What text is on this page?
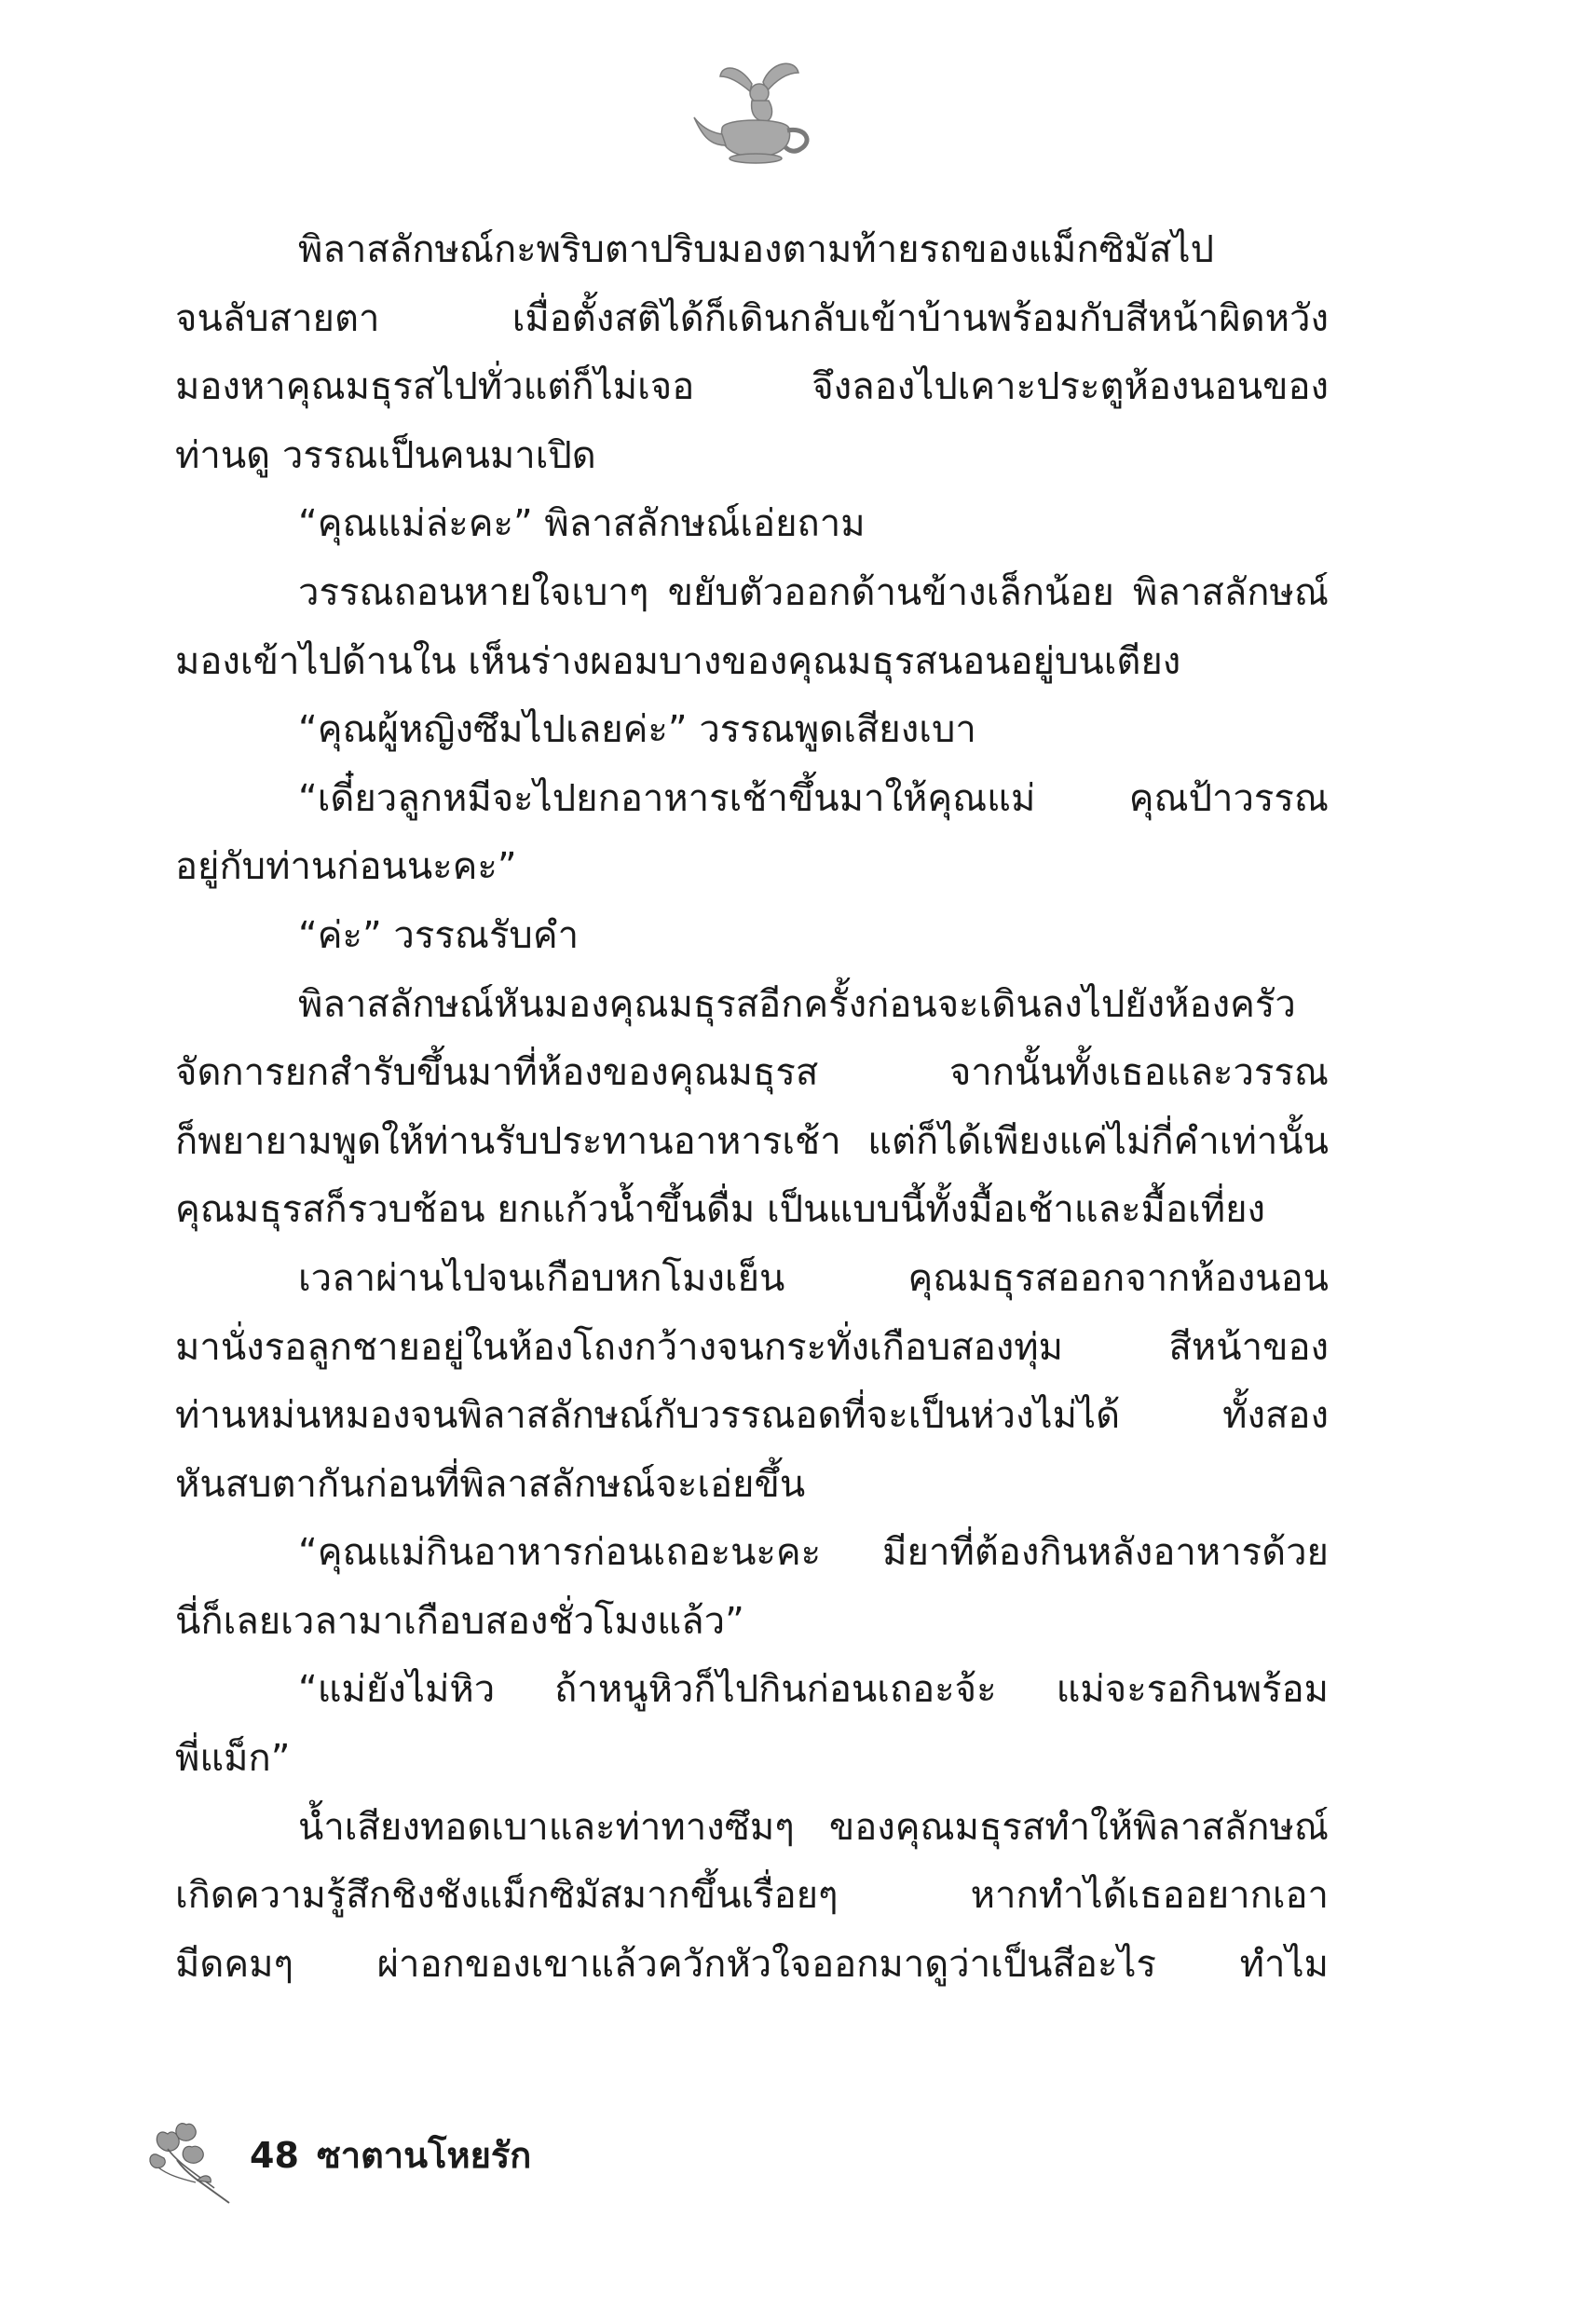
พิลาสลักษณ์กะพริบตาปริบมองตามท้ายรถของแม็กซิมัสไป
จนลับสายตา เมื่อตั้งสติได้ก็เดินกลับเข้าบ้านพร้อมกับสีหน้าผิดหวัง
มองหาคุณมธุรสไปทั่วแต่ก็ไม่เจอ จึงลองไปเคาะประตูห้องนอนของ
ท่านดู วรรณเป็นคนมาเปิด
“คุณแม่ล่ะคะ” พิลาสลักษณ์เอ่ยถาม
วรรณถอนหายใจเบาๆ ขยับตัวออกด้านข้างเล็กน้อย พิลาสลักษณ์
มองเข้าไปด้านใน เห็นร่างผอมบางของคุณมธุรสนอนอยู่บนเตียง
“คุณผู้หญิงซึมไปเลยค่ะ” วรรณพูดเสียงเบา
“เดี๋ยวลูกหมีจะไปยกอาหารเช้าขึ้นมาให้คุณแม่ คุณป้าวรรณ
อยู่กับท่านก่อนนะคะ”
“ค่ะ” วรรณรับคำ
พิลาสลักษณ์หันมองคุณมธุรสอีกครั้งก่อนจะเดินลงไปยังห้องครัว
จัดการยกสำรับขึ้นมาที่ห้องของคุณมธุรส จากนั้นทั้งเธอและวรรณ
ก็พยายามพูดให้ท่านรับประทานอาหารเช้า แต่ก็ได้เพียงแค่ไม่กี่คำเท่านั้น
คุณมธุรสก็รวบช้อน ยกแก้วน้ำขึ้นดื่ม เป็นแบบนี้ทั้งมื้อเช้าและมื้อเที่ยง
เวลาผ่านไปจนเกือบหกโมงเย็น คุณมธุรสออกจากห้องนอน
มานั่งรอลูกชายอยู่ในห้องโถงกว้างจนกระทั่งเกือบสองทุ่ม สีหน้าของ
ท่านหม่นหมองจนพิลาสลักษณ์กับวรรณอดที่จะเป็นห่วงไม่ได้ ทั้งสอง
หันสบตากันก่อนที่พิลาสลักษณ์จะเอ่ยขึ้น
“คุณแม่กินอาหารก่อนเถอะนะคะ มียาที่ต้องกินหลังอาหารด้วย
นี่ก็เลยเวลามาเกือบสองชั่วโมงแล้ว”
“แม่ยังไม่หิว ถ้าหนูหิวก็ไปกินก่อนเถอะจ้ะ แม่จะรอกินพร้อม
พี่แม็ก”
น้ำเสียงทอดเบาและท่าทางซึมๆ ของคุณมธุรสทำให้พิลาสลักษณ์
เกิดความรู้สึกชิงชังแม็กซิมัสมากขึ้นเรื่อยๆ หากทำได้เธออยากเอา
มีดคมๆ ผ่าอกของเขาแล้วควักหัวใจออกมาดูว่าเป็นสีอะไร ทำไม
48 ซาตานโหยรัก
